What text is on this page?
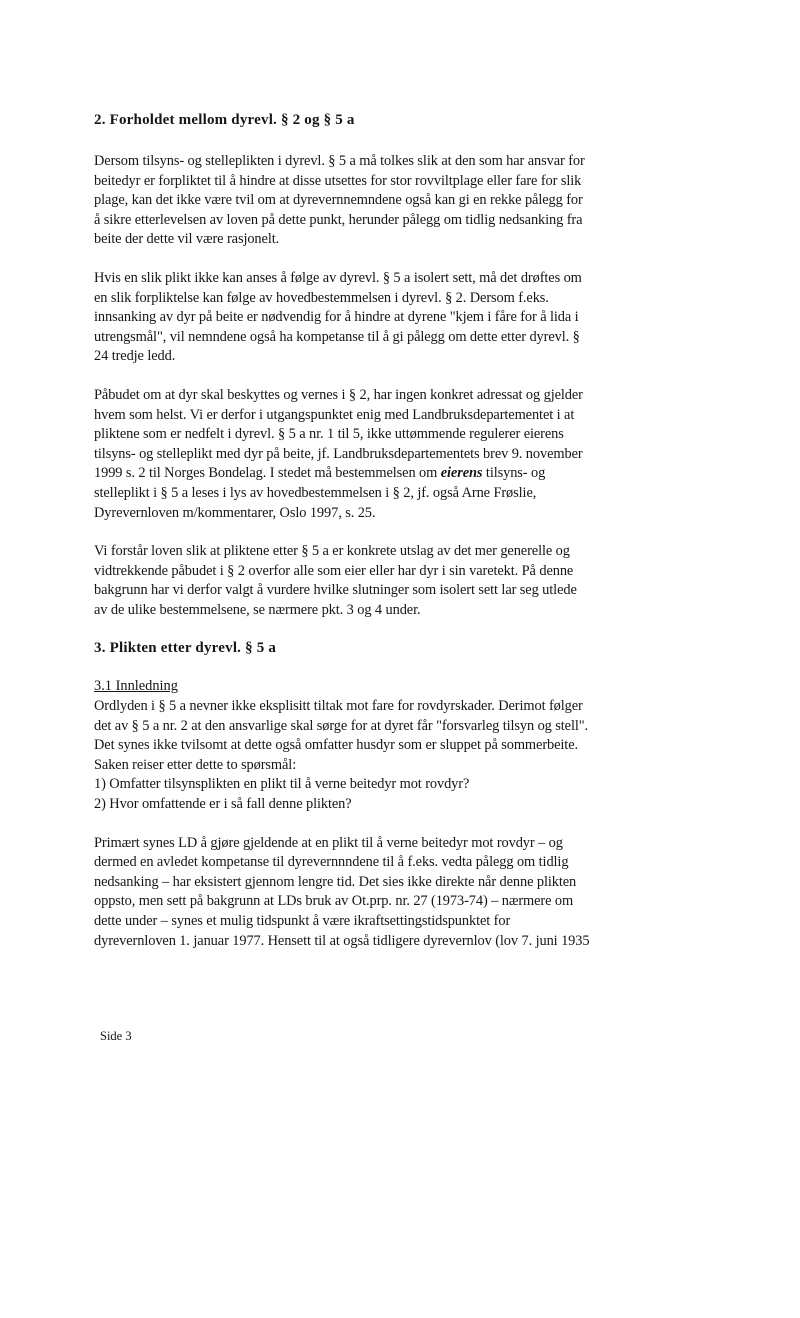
2. Forholdet mellom dyrevl. § 2 og § 5 a
Dersom tilsyns- og stelleplikten i dyrevl. § 5 a må tolkes slik at den som har ansvar for
beitedyr er forpliktet til å hindre at disse utsettes for stor rovviltplage eller fare for slik
plage, kan det ikke være tvil om at dyrevernnemndene også kan gi en rekke pålegg for
å sikre etterlevelsen av loven på dette punkt, herunder pålegg om tidlig nedsanking fra
beite der dette vil være rasjonelt.
Hvis en slik plikt ikke kan anses å følge av dyrevl. § 5 a isolert sett, må det drøftes om
en slik forpliktelse kan følge av hovedbestemmelsen i dyrevl. § 2. Dersom f.eks.
innsanking av dyr på beite er nødvendig for å hindre at dyrene "kjem i fåre for å lida i
utrengsmål", vil nemndene også ha kompetanse til å gi pålegg om dette etter dyrevl. §
24 tredje ledd.
Påbudet om at dyr skal beskyttes og vernes i § 2, har ingen konkret adressat og gjelder
hvem som helst. Vi er derfor i utgangspunktet enig med Landbruksdepartementet i at
pliktene som er nedfelt i dyrevl. § 5 a nr. 1 til 5, ikke uttømmende regulerer eierens
tilsyns- og stelleplikt med dyr på beite, jf. Landbruksdepartementets brev 9. november
1999 s. 2 til Norges Bondelag. I stedet må bestemmelsen om eierens tilsyns- og
stelleplikt i § 5 a leses i lys av hovedbestemmelsen i § 2, jf. også Arne Frøslie,
Dyrevernloven m/kommentarer, Oslo 1997, s. 25.
Vi forstår loven slik at pliktene etter § 5 a er konkrete utslag av det mer generelle og
vidtrekkende påbudet i § 2 overfor alle som eier eller har dyr i sin varetekt. På denne
bakgrunn har vi derfor valgt å vurdere hvilke slutninger som isolert sett lar seg utlede
av de ulike bestemmelsene, se nærmere pkt. 3 og 4 under.
3. Plikten etter dyrevl. § 5 a
3.1 Innledning
Ordlyden i § 5 a nevner ikke eksplisitt tiltak mot fare for rovdyrskader. Derimot følger
det av § 5 a nr. 2 at den ansvarlige skal sørge for at dyret får "forsvarleg tilsyn og stell".
Det synes ikke tvilsomt at dette også omfatter husdyr som er sluppet på sommerbeite.
Saken reiser etter dette to spørsmål:
1) Omfatter tilsynsplikten en plikt til å verne beitedyr mot rovdyr?
2) Hvor omfattende er i så fall denne plikten?
Primært synes LD å gjøre gjeldende at en plikt til å verne beitedyr mot rovdyr – og
dermed en avledet kompetanse til dyrevernnndene til å f.eks. vedta pålegg om tidlig
nedsanking – har eksistert gjennom lengre tid. Det sies ikke direkte når denne plikten
oppsto, men sett på bakgrunn at LDs bruk av Ot.prp. nr. 27 (1973-74) – nærmere om
dette under – synes et mulig tidspunkt å være ikraftsettingstidspunktet for
dyrevernloven 1. januar 1977. Hensett til at også tidligere dyrevernlov (lov 7. juni 1935
Side 3
